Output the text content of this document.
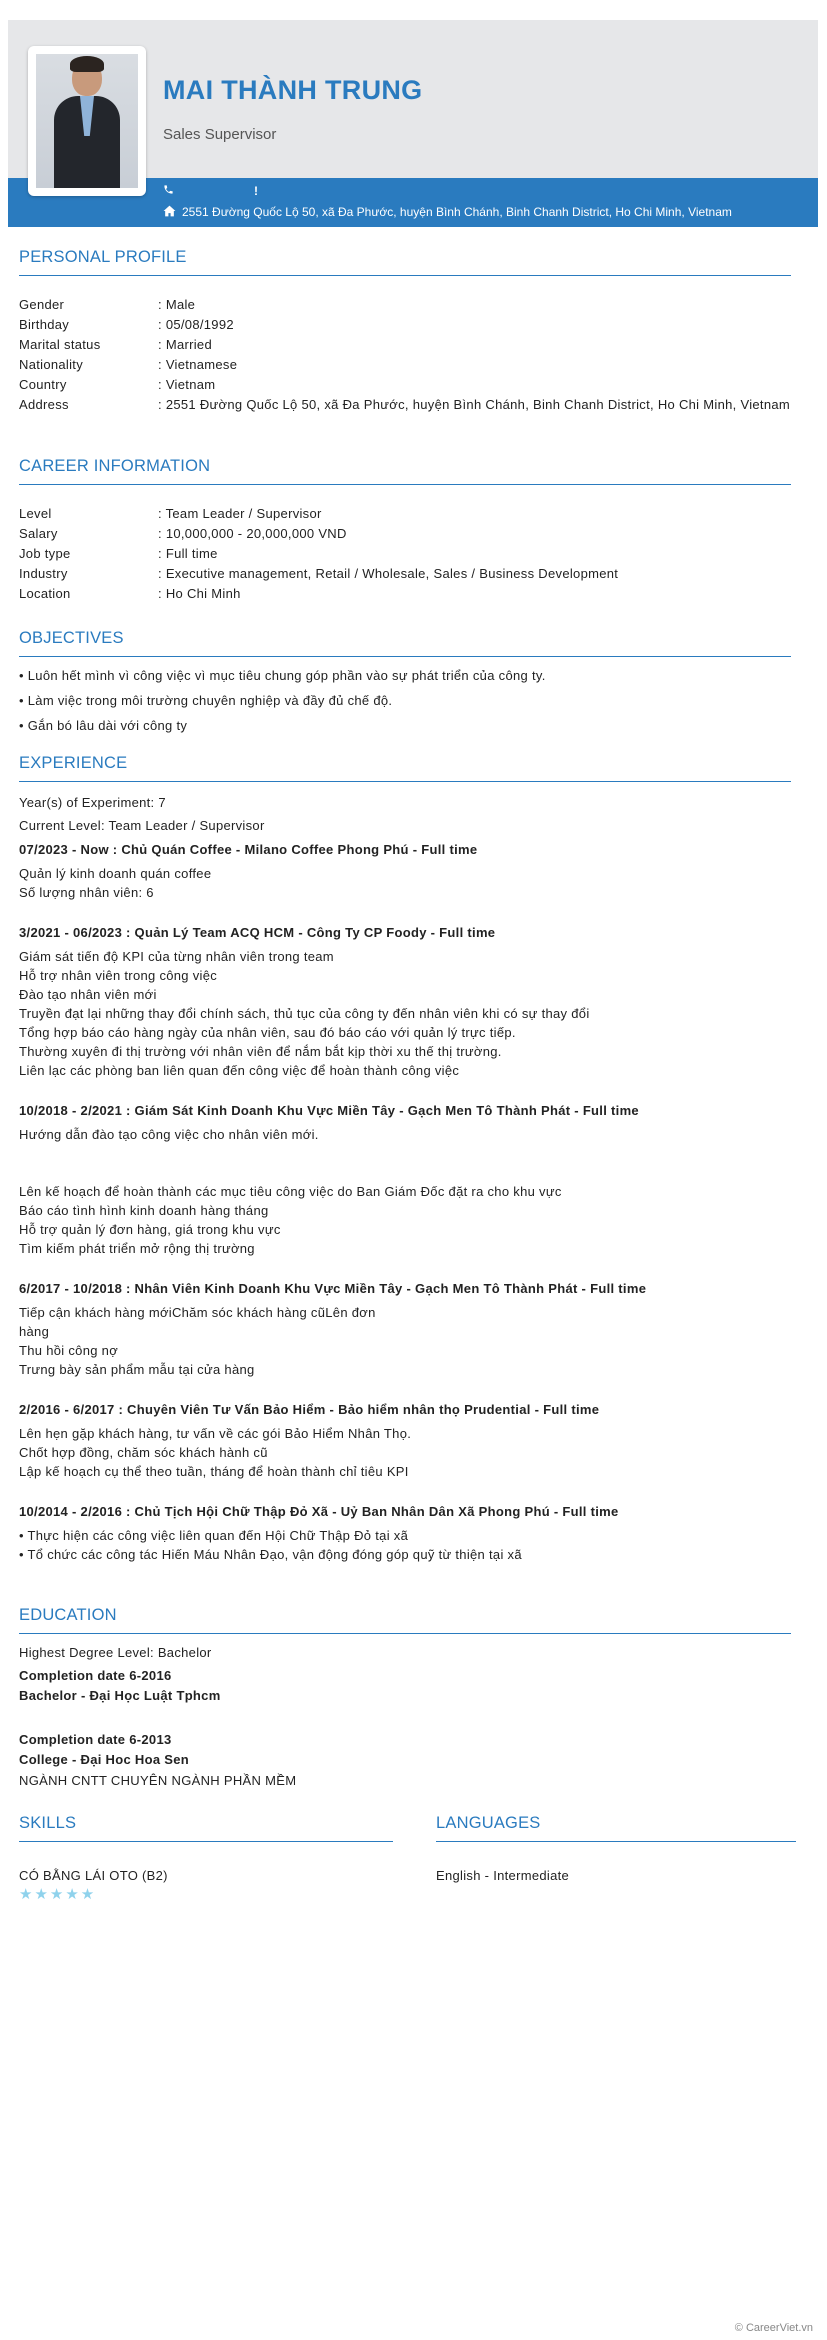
MAI THÀNH TRUNG
Sales Supervisor
!
2551 Đường Quốc Lộ 50, xã Đa Phước, huyện Bình Chánh, Binh Chanh District, Ho Chi Minh, Vietnam
PERSONAL PROFILE
Gender	: Male
Birthday	: 05/08/1992
Marital status	: Married
Nationality	: Vietnamese
Country	: Vietnam
Address	: 2551 Đường Quốc Lộ 50, xã Đa Phước, huyện Bình Chánh, Binh Chanh District, Ho Chi Minh, Vietnam
CAREER INFORMATION
Level	: Team Leader / Supervisor
Salary	: 10,000,000 - 20,000,000 VND
Job type	: Full time
Industry	: Executive management, Retail / Wholesale, Sales / Business Development
Location	: Ho Chi Minh
OBJECTIVES
• Luôn hết mình vì công việc vì mục tiêu chung góp phần vào sự phát triển của công ty.
• Làm việc trong môi trường chuyên nghiệp và đầy đủ chế độ.
• Gắn bó lâu dài với công ty
EXPERIENCE
Year(s) of Experiment: 7
Current Level: Team Leader / Supervisor
07/2023 - Now : Chủ Quán Coffee - Milano Coffee Phong Phú - Full time
Quản lý kinh doanh quán coffee
Số lượng nhân viên: 6
3/2021 - 06/2023 : Quản Lý Team ACQ HCM - Công Ty CP Foody - Full time
Giám sát tiến độ KPI của từng nhân viên trong team
Hỗ trợ nhân viên trong công việc
Đào tạo nhân viên mới
Truyền đạt lại những thay đổi chính sách, thủ tục của công ty đến nhân viên khi có sự thay đổi
Tổng hợp báo cáo hàng ngày của nhân viên, sau đó báo cáo với quản lý trực tiếp.
Thường xuyên đi thị trường với nhân viên để nắm bắt kịp thời xu thế thị trường.
Liên lạc các phòng ban liên quan đến công việc để hoàn thành công việc
10/2018 - 2/2021 : Giám Sát Kinh Doanh Khu Vực Miền Tây - Gạch Men Tô Thành Phát - Full time
Hướng dẫn đào tạo công việc cho nhân viên mới.
Lên kế hoạch để hoàn thành các mục tiêu công việc do Ban Giám Đốc đặt ra cho khu vực
Báo cáo tình hình kinh doanh hàng tháng
Hỗ trợ quản lý đơn hàng, giá trong khu vực
Tìm kiếm phát triển mở rộng thị trường
6/2017 - 10/2018 : Nhân Viên Kinh Doanh Khu Vực Miền Tây - Gạch Men Tô Thành Phát - Full time
Tiếp cận khách hàng mớiChăm sóc khách hàng cũLên đơn
hàng
Thu hồi công nợ
Trưng bày sản phẩm mẫu tại cửa hàng
2/2016 - 6/2017 : Chuyên Viên Tư Vấn Bảo Hiểm - Bảo hiểm nhân thọ Prudential - Full time
Lên hẹn gặp khách hàng, tư vấn về các gói Bảo Hiểm Nhân Thọ.
Chốt hợp đồng, chăm sóc khách hành cũ
Lập kế hoạch cụ thể theo tuần, tháng để hoàn thành chỉ tiêu KPI
10/2014 - 2/2016 : Chủ Tịch Hội Chữ Thập Đỏ Xã - Uỷ Ban Nhân Dân Xã Phong Phú - Full time
• Thực hiện các công việc liên quan đến Hội Chữ Thập Đỏ tại xã
• Tổ chức các công tác Hiến Máu Nhân Đạo, vận động đóng góp quỹ từ thiện tại xã
EDUCATION
Highest Degree Level: Bachelor
Completion date 6-2016
Bachelor - Đại Học Luật Tphcm
Completion date 6-2013
College - Đại Hoc Hoa Sen
NGÀNH CNTT CHUYÊN NGÀNH PHẦN MỀM
SKILLS
CÓ BẰNG LÁI OTO (B2)
★★★★★
LANGUAGES
English - Intermediate
© CareerViet.vn
